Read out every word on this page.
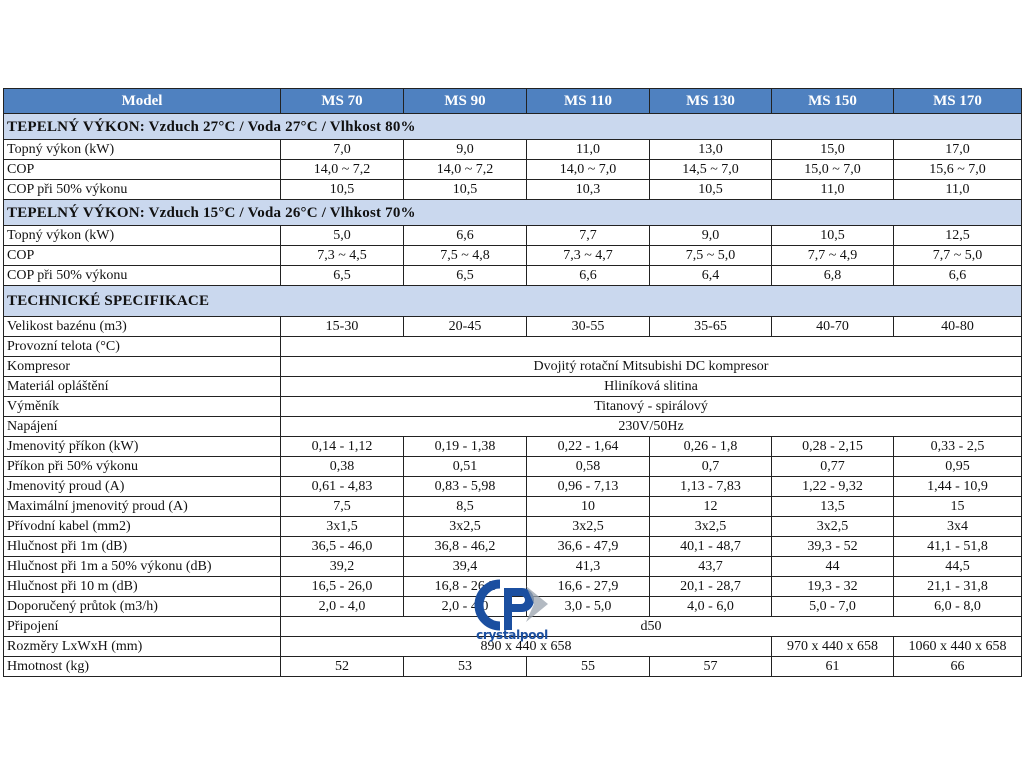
Model	MS 70	MS 90	MS 110	MS 130	MS 150	MS 170
TEPELNÝ VÝKON: Vzduch 27°C / Voda 27°C / Vlhkost 80%						
Topný výkon (kW)	7,0	9,0	11,0	13,0	15,0	17,0
COP	14,0 ~ 7,2	14,0 ~ 7,2	14,0 ~ 7,0	14,5 ~ 7,0	15,0 ~ 7,0	15,6 ~ 7,0
COP při 50% výkonu	10,5	10,5	10,3	10,5	11,0	11,0
TEPELNÝ VÝKON: Vzduch 15°C / Voda 26°C / Vlhkost 70%						
Topný výkon (kW)	5,0	6,6	7,7	9,0	10,5	12,5
COP	7,3 ~ 4,5	7,5 ~ 4,8	7,3 ~ 4,7	7,5 ~ 5,0	7,7 ~ 4,9	7,7 ~ 5,0
COP při 50% výkonu	6,5	6,5	6,6	6,4	6,8	6,6
TECHNICKÉ SPECIFIKACE						
Velikost bazénu (m3)	15-30	20-45	30-55	35-65	40-70	40-80
Provozní telota (°C)						
Kompresor	Dvojitý rotační Mitsubishi DC kompresor					
Materiál opláštění	Hliníková slitina					
Výměník	Titanový - spirálový					
Napájení	230V/50Hz					
Jmenovitý příkon (kW)	0,14 - 1,12	0,19 - 1,38	0,22 - 1,64	0,26 - 1,8	0,28 - 2,15	0,33 - 2,5
Příkon při 50% výkonu	0,38	0,51	0,58	0,7	0,77	0,95
Jmenovitý proud (A)	0,61 - 4,83	0,83 - 5,98	0,96 - 7,13	1,13 - 7,83	1,22 - 9,32	1,44 - 10,9
Maximální jmenovitý proud (A)	7,5	8,5	10	12	13,5	15
Přívodní kabel (mm2)	3x1,5	3x2,5	3x2,5	3x2,5	3x2,5	3x4
Hlučnost při 1m (dB)	36,5 - 46,0	36,8 - 46,2	36,6 - 47,9	40,1 - 48,7	39,3 - 52	41,1 - 51,8
Hlučnost při 1m a 50% výkonu (dB)	39,2	39,4	41,3	43,7	44	44,5
Hlučnost při 10 m (dB)	16,5 - 26,0	16,8 - 26,2	16,6 - 27,9	20,1 - 28,7	19,3 - 32	21,1 - 31,8
Doporučený průtok (m3/h)	2,0 - 4,0	2,0 - 4,0	3,0 - 5,0	4,0 - 6,0	5,0 - 7,0	6,0 - 8,0
Připojení	d50					
Rozměry LxWxH (mm)	890 x 440 x 658				970 x 440 x 658	1060 x 440 x 658
Hmotnost (kg)	52	53	55	57	61	66
crystalpool
